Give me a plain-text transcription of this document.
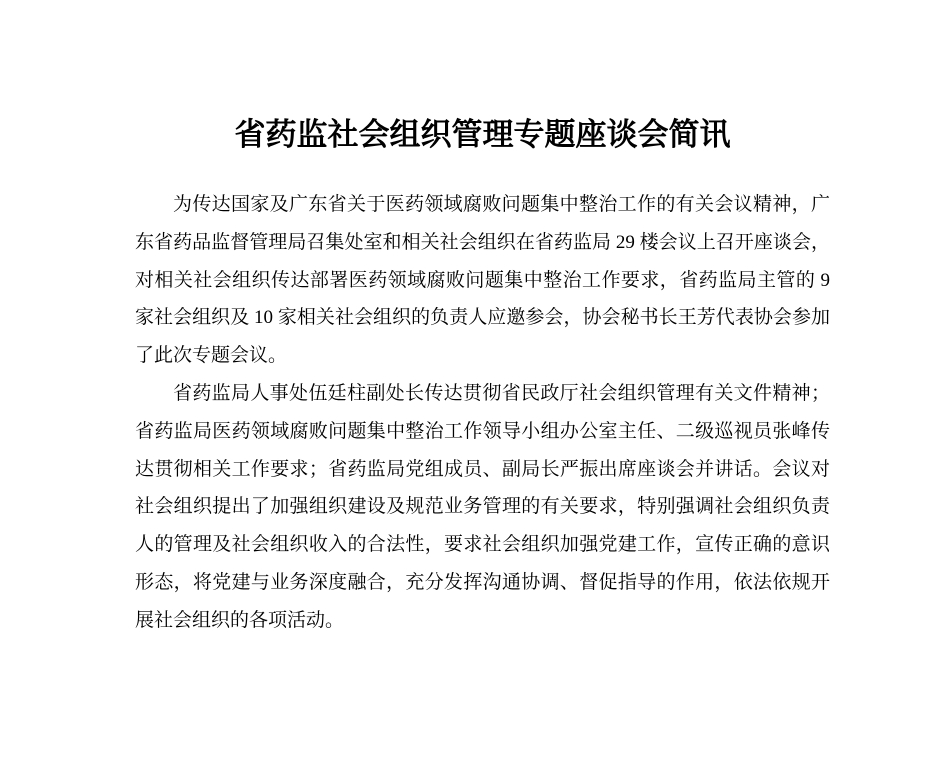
省药监社会组织管理专题座谈会简讯
为传达国家及广东省关于医药领域腐败问题集中整治工作的有关会议精神，广
东省药品监督管理局召集处室和相关社会组织在省药监局 29 楼会议上召开座谈会，
对相关社会组织传达部署医药领域腐败问题集中整治工作要求，省药监局主管的 9
家社会组织及 10 家相关社会组织的负责人应邀参会，协会秘书长王芳代表协会参加
了此次专题会议。
省药监局人事处伍廷柱副处长传达贯彻省民政厅社会组织管理有关文件精神；
省药监局医药领域腐败问题集中整治工作领导小组办公室主任、二级巡视员张峰传
达贯彻相关工作要求；省药监局党组成员、副局长严振出席座谈会并讲话。会议对
社会组织提出了加强组织建设及规范业务管理的有关要求，特别强调社会组织负责
人的管理及社会组织收入的合法性，要求社会组织加强党建工作，宣传正确的意识
形态，将党建与业务深度融合，充分发挥沟通协调、督促指导的作用，依法依规开
展社会组织的各项活动。
